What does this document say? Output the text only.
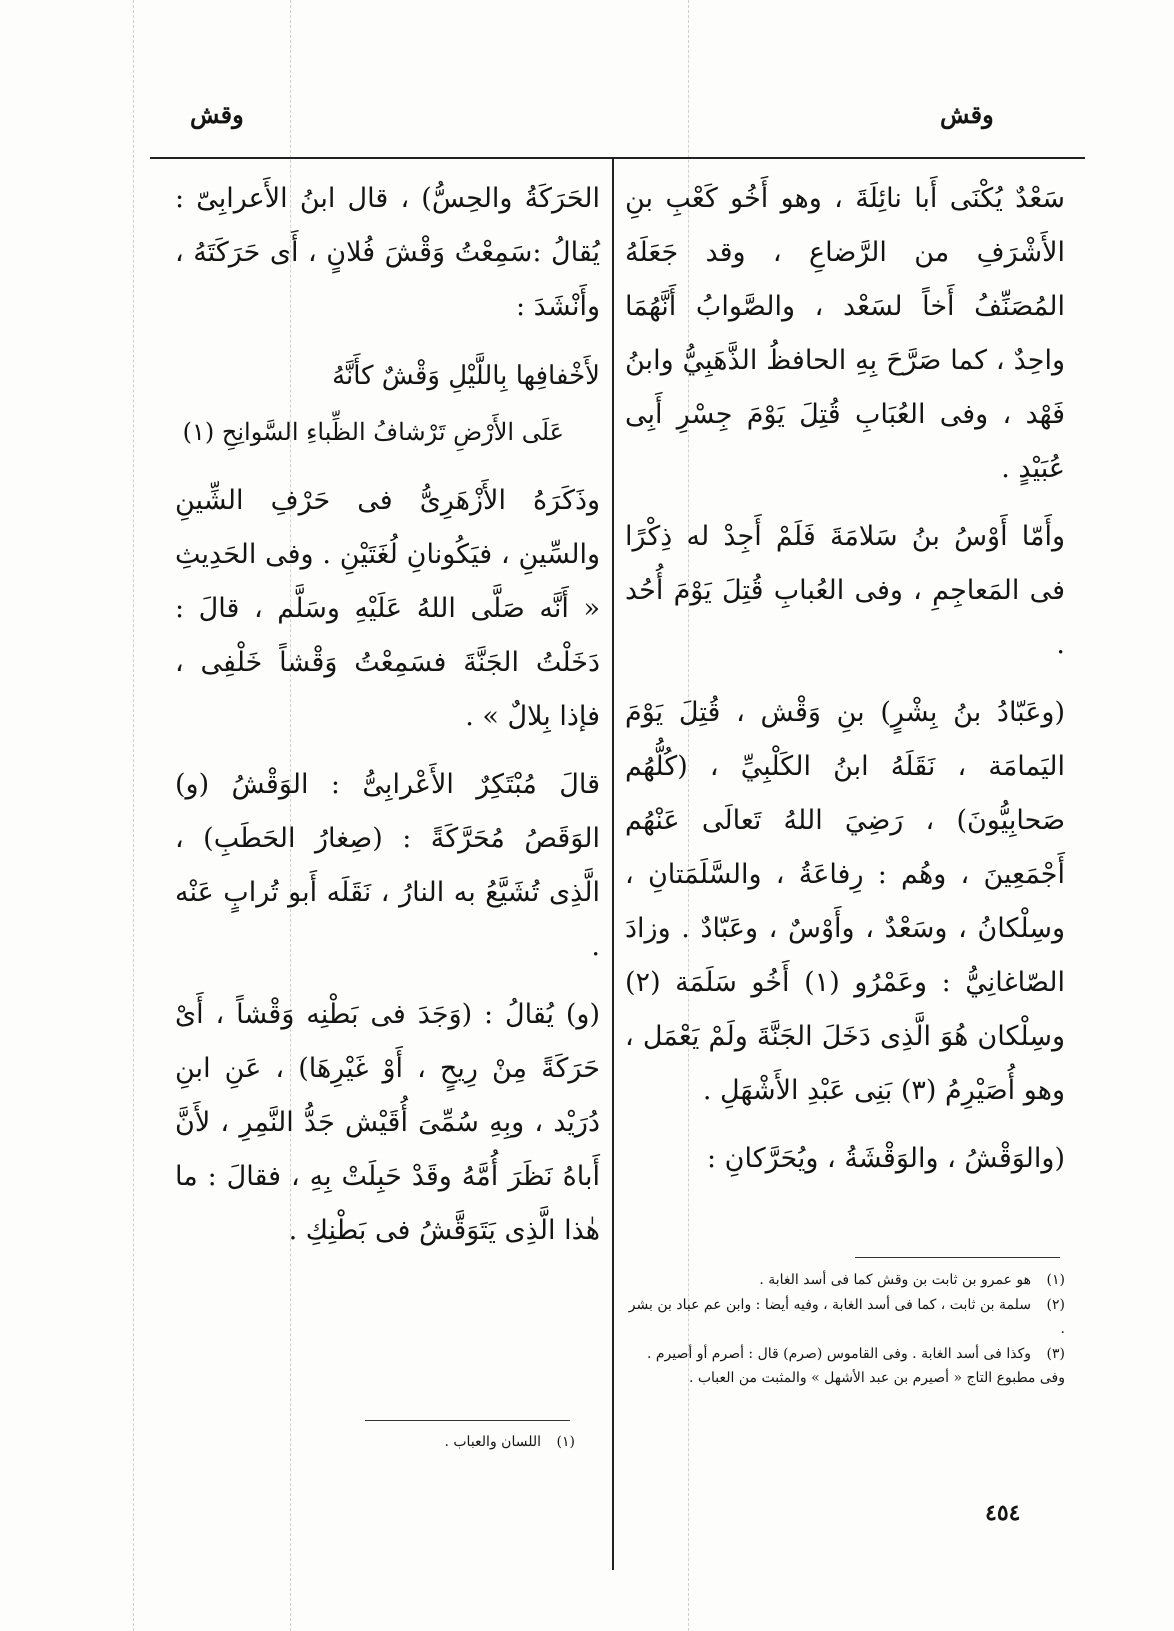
وقش
وقش

سَعْدٌ يُكْنَى أَبا نائِلَةَ ، وهو أَخُو كَعْبِ بنِ الأَشْرَفِ من الرَّضاعِ ، وقد جَعَلَهُ المُصَنِّفُ أَخاً لسَعْد ، والصَّوابُ أَنَّهُمَا واحِدٌ ، كما صَرَّحَ بِهِ الحافظُ الذَّهَبِيُّ وابنُ فَهْد ، وفى العُبَابِ قُتِلَ يَوْمَ جِسْرِ أَبِى عُبَيْدٍ .

وأَمّا أَوْسُ بنُ سَلامَةَ فَلَمْ أَجِدْ له ذِكْرًا فى المَعاجِمِ ، وفى العُبابِ قُتِلَ يَوْمَ أُحُد .

(وعَبّادُ بنُ بِشْرٍ) بنِ وَقْش ، قُتِلَ يَوْمَ اليَمامَة ، نَقَلَهُ ابنُ الكَلْبِيِّ ، (كُلُّهُم صَحابِيُّونَ) ، رَضِيَ اللهُ تَعالَى عَنْهُم أَجْمَعِينَ ، وهُم : رِفاعَةُ ، والسَّلَمَتانِ ، وسِلْكانُ ، وسَعْدٌ ، وأَوْسٌ ، وعَبّادٌ . وزادَ الصّاغانِيُّ : وعَمْرُو (١) أَخُو سَلَمَة (٢) وسِلْكان هُوَ الَّذِى دَخَلَ الجَنَّةَ ولَمْ يَعْمَل ، وهو أُصَيْرِمُ (٣) بَنِى عَبْدِ الأَشْهَلِ .

(والوَقْشُ ، والوَقْشَةُ ، ويُحَرَّكانِ :

(١)هو عمرو بن ثابت بن وقش كما فى أسد الغابة .
(٢)سلمة بن ثابت ، كما فى أسد الغابة ، وفيه أيضا : وابن عم عباد بن بشر .
(٣)وكذا فى أسد الغابة . وفى القاموس (صرم) قال : أصرم أو أصيرم . وفى مطبوع التاج « أصيرم بن عبد الأشهل » والمثبت من العباب .

الحَرَكَةُ والحِسُّ) ، قال ابنُ الأَعرابِىّ : يُقالُ :سَمِعْتُ وَقْشَ فُلانٍ ، أَى حَرَكَتَهُ ، وأَنْشَدَ :

لأَخْفافِها بِاللَّيْلِ وَقْشٌ كأَنَّهُ
عَلَى الأَرْضِ تَرْشافُ الظِّباءِ السَّوانِحِ (١)

وذَكَرَهُ الأَزْهَرِىُّ فى حَرْفِ الشِّينِ والسِّينِ ، فيَكُونانِ لُغَتَيْنِ . وفى الحَدِيثِ « أَنَّه صَلَّى اللهُ عَلَيْهِ وسَلَّم ، قالَ : دَخَلْتُ الجَنَّةَ فسَمِعْتُ وَقْشاً خَلْفِى ، فإذا بِلالٌ » .

قالَ مُبْتَكِرٌ الأَعْرابِىُّ : الوَقْشُ (و) الوَقَصُ مُحَرَّكَةً : (صِغارُ الحَطَبِ) ، الَّذِى تُشَيَّعُ به النارُ ، نَقَلَه أَبو تُرابٍ عَنْه .

(و) يُقالُ : (وَجَدَ فى بَطْنِه وَقْشاً ، أَىْ حَرَكَةً مِنْ رِيحٍ ، أَوْ غَيْرِهَا) ، عَنِ ابنِ دُرَيْد ، وبِهِ سُمِّىَ أُقَيْش جَدُّ النَّمِرِ ، لأَنَّ أَباهُ نَظَرَ أُمَّهُ وقَدْ حَبِلَتْ بِهِ ، فقالَ : ما هٰذا الَّذِى يَتَوَقَّشُ فى بَطْنِكِ .

(١)اللسان والعباب .
٤٥٤
